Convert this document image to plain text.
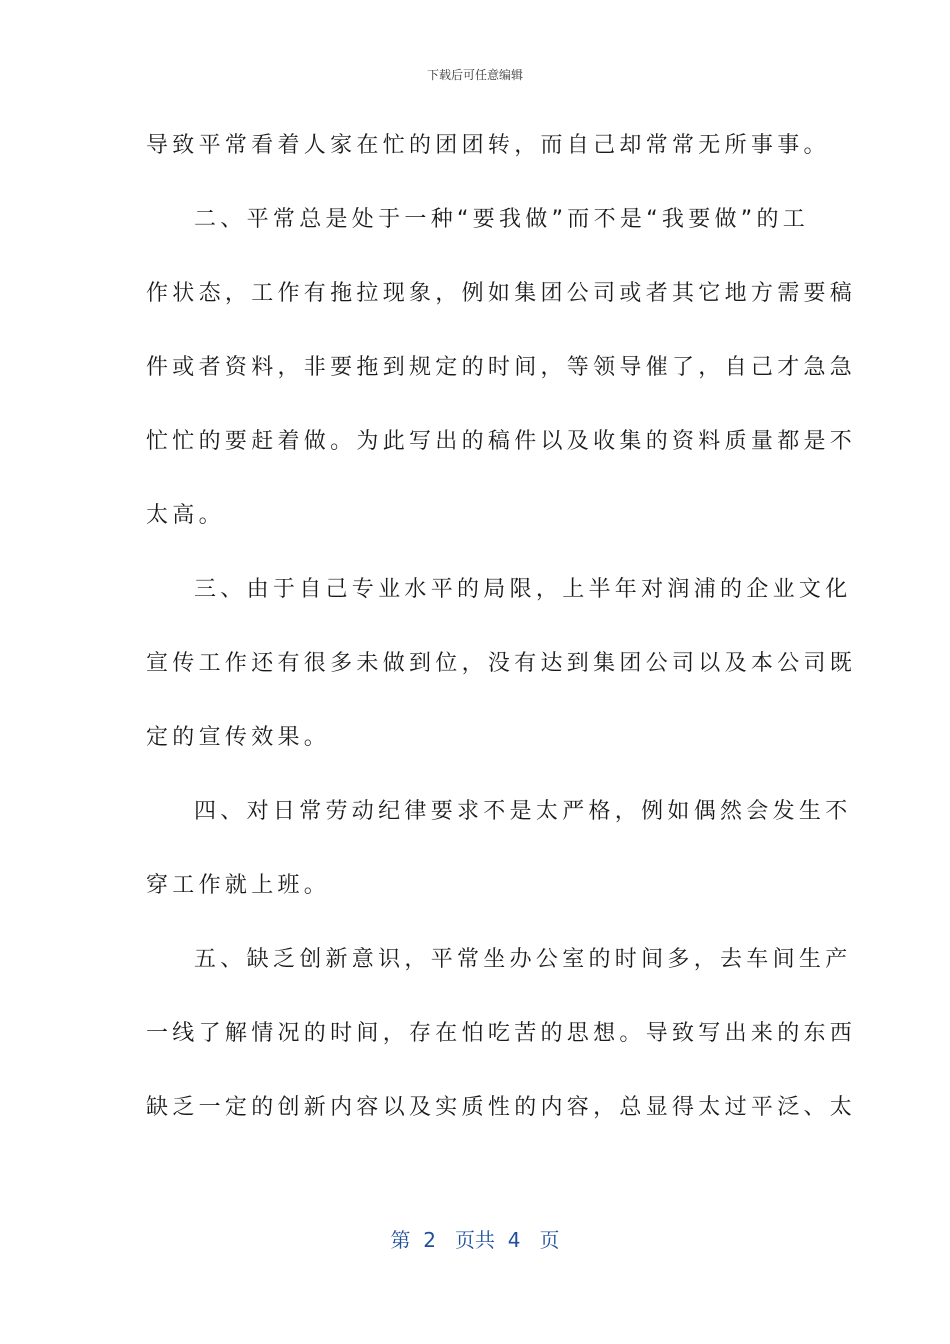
下载后可任意编辑
导致平常看着人家在忙的团团转，而自己却常常无所事事。
二、平常总是处于一种“要我做”而不是“我要做”的工
作状态，工作有拖拉现象，例如集团公司或者其它地方需要稿
件或者资料，非要拖到规定的时间，等领导催了，自己才急急
忙忙的要赶着做。为此写出的稿件以及收集的资料质量都是不
太高。
三、由于自己专业水平的局限，上半年对润浦的企业文化
宣传工作还有很多未做到位，没有达到集团公司以及本公司既
定的宣传效果。
四、对日常劳动纪律要求不是太严格，例如偶然会发生不
穿工作就上班。
五、缺乏创新意识，平常坐办公室的时间多，去车间生产
一线了解情况的时间，存在怕吃苦的思想。导致写出来的东西
缺乏一定的创新内容以及实质性的内容，总显得太过平泛、太
第  2   页共  4   页
